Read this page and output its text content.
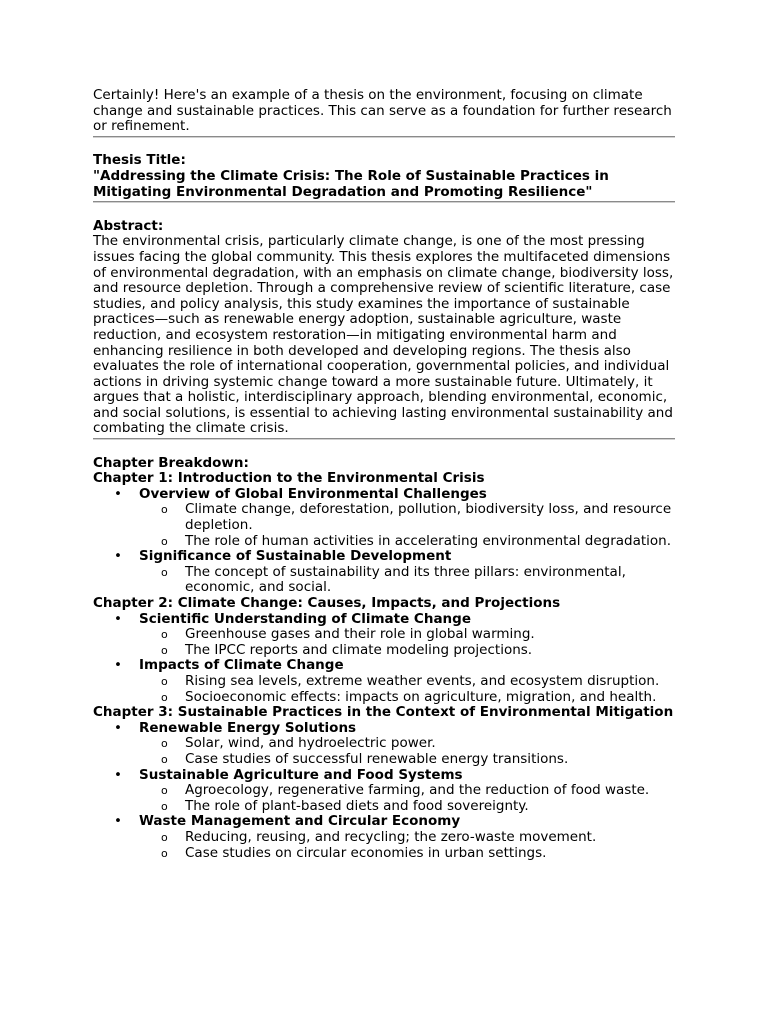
Certainly! Here's an example of a thesis on the environment, focusing on climate change and sustainable practices. This can serve as a foundation for further research or refinement.

Thesis Title:

"Addressing the Climate Crisis: The Role of Sustainable Practices in Mitigating Environmental Degradation and Promoting Resilience"

Abstract:

The environmental crisis, particularly climate change, is one of the most pressing issues facing the global community. This thesis explores the multifaceted dimensions of environmental degradation, with an emphasis on climate change, biodiversity loss, and resource depletion. Through a comprehensive review of scientific literature, case studies, and policy analysis, this study examines the importance of sustainable practices—such as renewable energy adoption, sustainable agriculture, waste reduction, and ecosystem restoration—in mitigating environmental harm and enhancing resilience in both developed and developing regions. The thesis also evaluates the role of international cooperation, governmental policies, and individual actions in driving systemic change toward a more sustainable future. Ultimately, it argues that a holistic, interdisciplinary approach, blending environmental, economic, and social solutions, is essential to achieving lasting environmental sustainability and combating the climate crisis.

Chapter Breakdown:

Chapter 1: Introduction to the Environmental Crisis

• Overview of Global Environmental Challenges
o Climate change, deforestation, pollution, biodiversity loss, and resource depletion.
o The role of human activities in accelerating environmental degradation.
• Significance of Sustainable Development
o The concept of sustainability and its three pillars: environmental, economic, and social.

Chapter 2: Climate Change: Causes, Impacts, and Projections

• Scientific Understanding of Climate Change
o Greenhouse gases and their role in global warming.
o The IPCC reports and climate modeling projections.
• Impacts of Climate Change
o Rising sea levels, extreme weather events, and ecosystem disruption.
o Socioeconomic effects: impacts on agriculture, migration, and health.

Chapter 3: Sustainable Practices in the Context of Environmental Mitigation

• Renewable Energy Solutions
o Solar, wind, and hydroelectric power.
o Case studies of successful renewable energy transitions.
• Sustainable Agriculture and Food Systems
o Agroecology, regenerative farming, and the reduction of food waste.
o The role of plant-based diets and food sovereignty.
• Waste Management and Circular Economy
o Reducing, reusing, and recycling; the zero-waste movement.
o Case studies on circular economies in urban settings.
